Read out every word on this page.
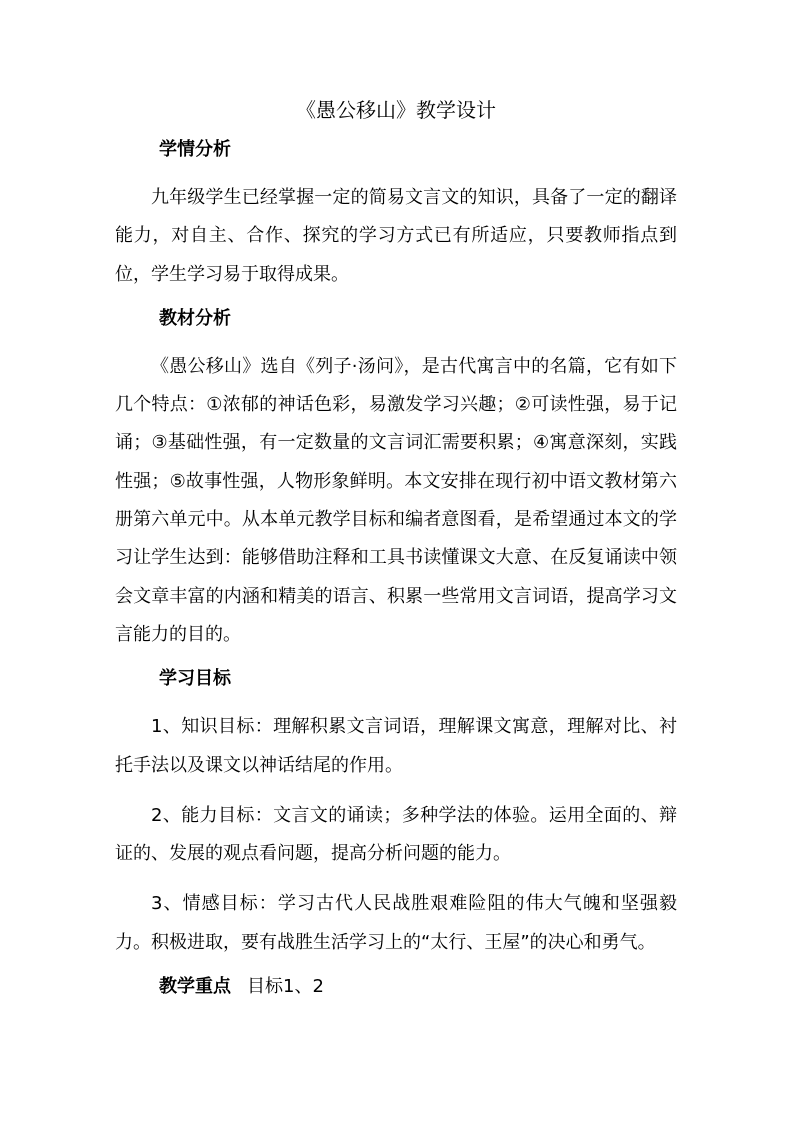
《愚公移山》教学设计
学情分析

九年级学生已经掌握一定的简易文言文的知识，具备了一定的翻译能力，对自主、合作、探究的学习方式已有所适应，只要教师指点到位，学生学习易于取得成果。

教材分析

《愚公移山》选自《列子·汤问》，是古代寓言中的名篇，它有如下几个特点：①浓郁的神话色彩，易激发学习兴趣；②可读性强，易于记诵；③基础性强，有一定数量的文言词汇需要积累；④寓意深刻，实践性强；⑤故事性强，人物形象鲜明。本文安排在现行初中语文教材第六册第六单元中。从本单元教学目标和编者意图看，是希望通过本文的学习让学生达到：能够借助注释和工具书读懂课文大意、在反复诵读中领会文章丰富的内涵和精美的语言、积累一些常用文言词语，提高学习文言能力的目的。

学习目标

1、知识目标：理解积累文言词语，理解课文寓意，理解对比、衬托手法以及课文以神话结尾的作用。

2、能力目标：文言文的诵读；多种学法的体验。运用全面的、辩证的、发展的观点看问题，提高分析问题的能力。

3、情感目标：学习古代人民战胜艰难险阻的伟大气魄和坚强毅力。积极进取，要有战胜生活学习上的“太行、王屋”的决心和勇气。

教学重点 目标1、2
